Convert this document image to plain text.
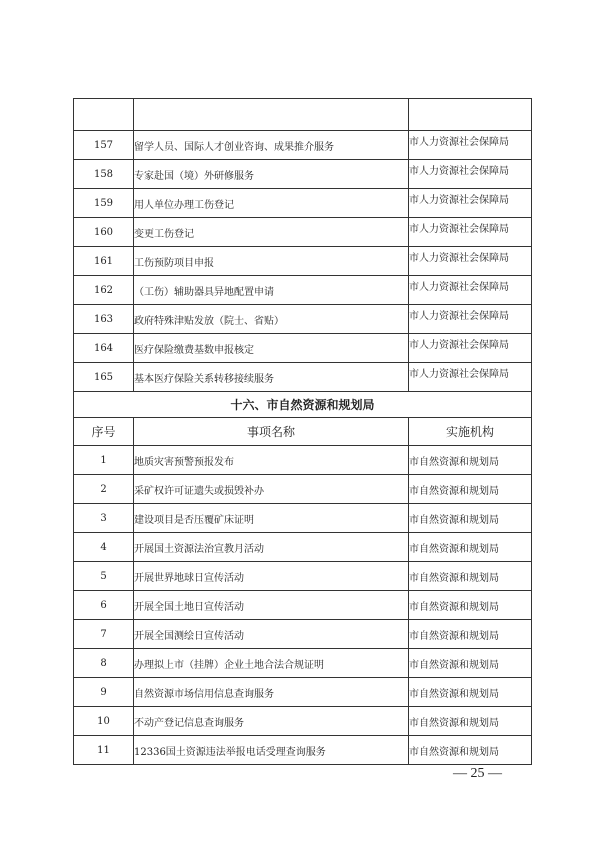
157	留学人员、国际人才创业咨询、成果推介服务	市人力资源社会保障局
158	专家赴国（境）外研修服务	市人力资源社会保障局
159	用人单位办理工伤登记	市人力资源社会保障局
160	变更工伤登记	市人力资源社会保障局
161	工伤预防项目申报	市人力资源社会保障局
162	（工伤）辅助器具异地配置申请	市人力资源社会保障局
163	政府特殊津贴发放（院士、省贴）	市人力资源社会保障局
164	医疗保险缴费基数申报核定	市人力资源社会保障局
165	基本医疗保险关系转移接续服务	市人力资源社会保障局
十六、市自然资源和规划局		
序号	事项名称	实施机构
1	地质灾害预警预报发布	市自然资源和规划局
2	采矿权许可证遗失或损毁补办	市自然资源和规划局
3	建设项目是否压覆矿床证明	市自然资源和规划局
4	开展国土资源法治宣教月活动	市自然资源和规划局
5	开展世界地球日宣传活动	市自然资源和规划局
6	开展全国土地日宣传活动	市自然资源和规划局
7	开展全国测绘日宣传活动	市自然资源和规划局
8	办理拟上市（挂牌）企业土地合法合规证明	市自然资源和规划局
9	自然资源市场信用信息查询服务	市自然资源和规划局
10	不动产登记信息查询服务	市自然资源和规划局
11	12336国土资源违法举报电话受理查询服务	市自然资源和规划局
— 25 —
